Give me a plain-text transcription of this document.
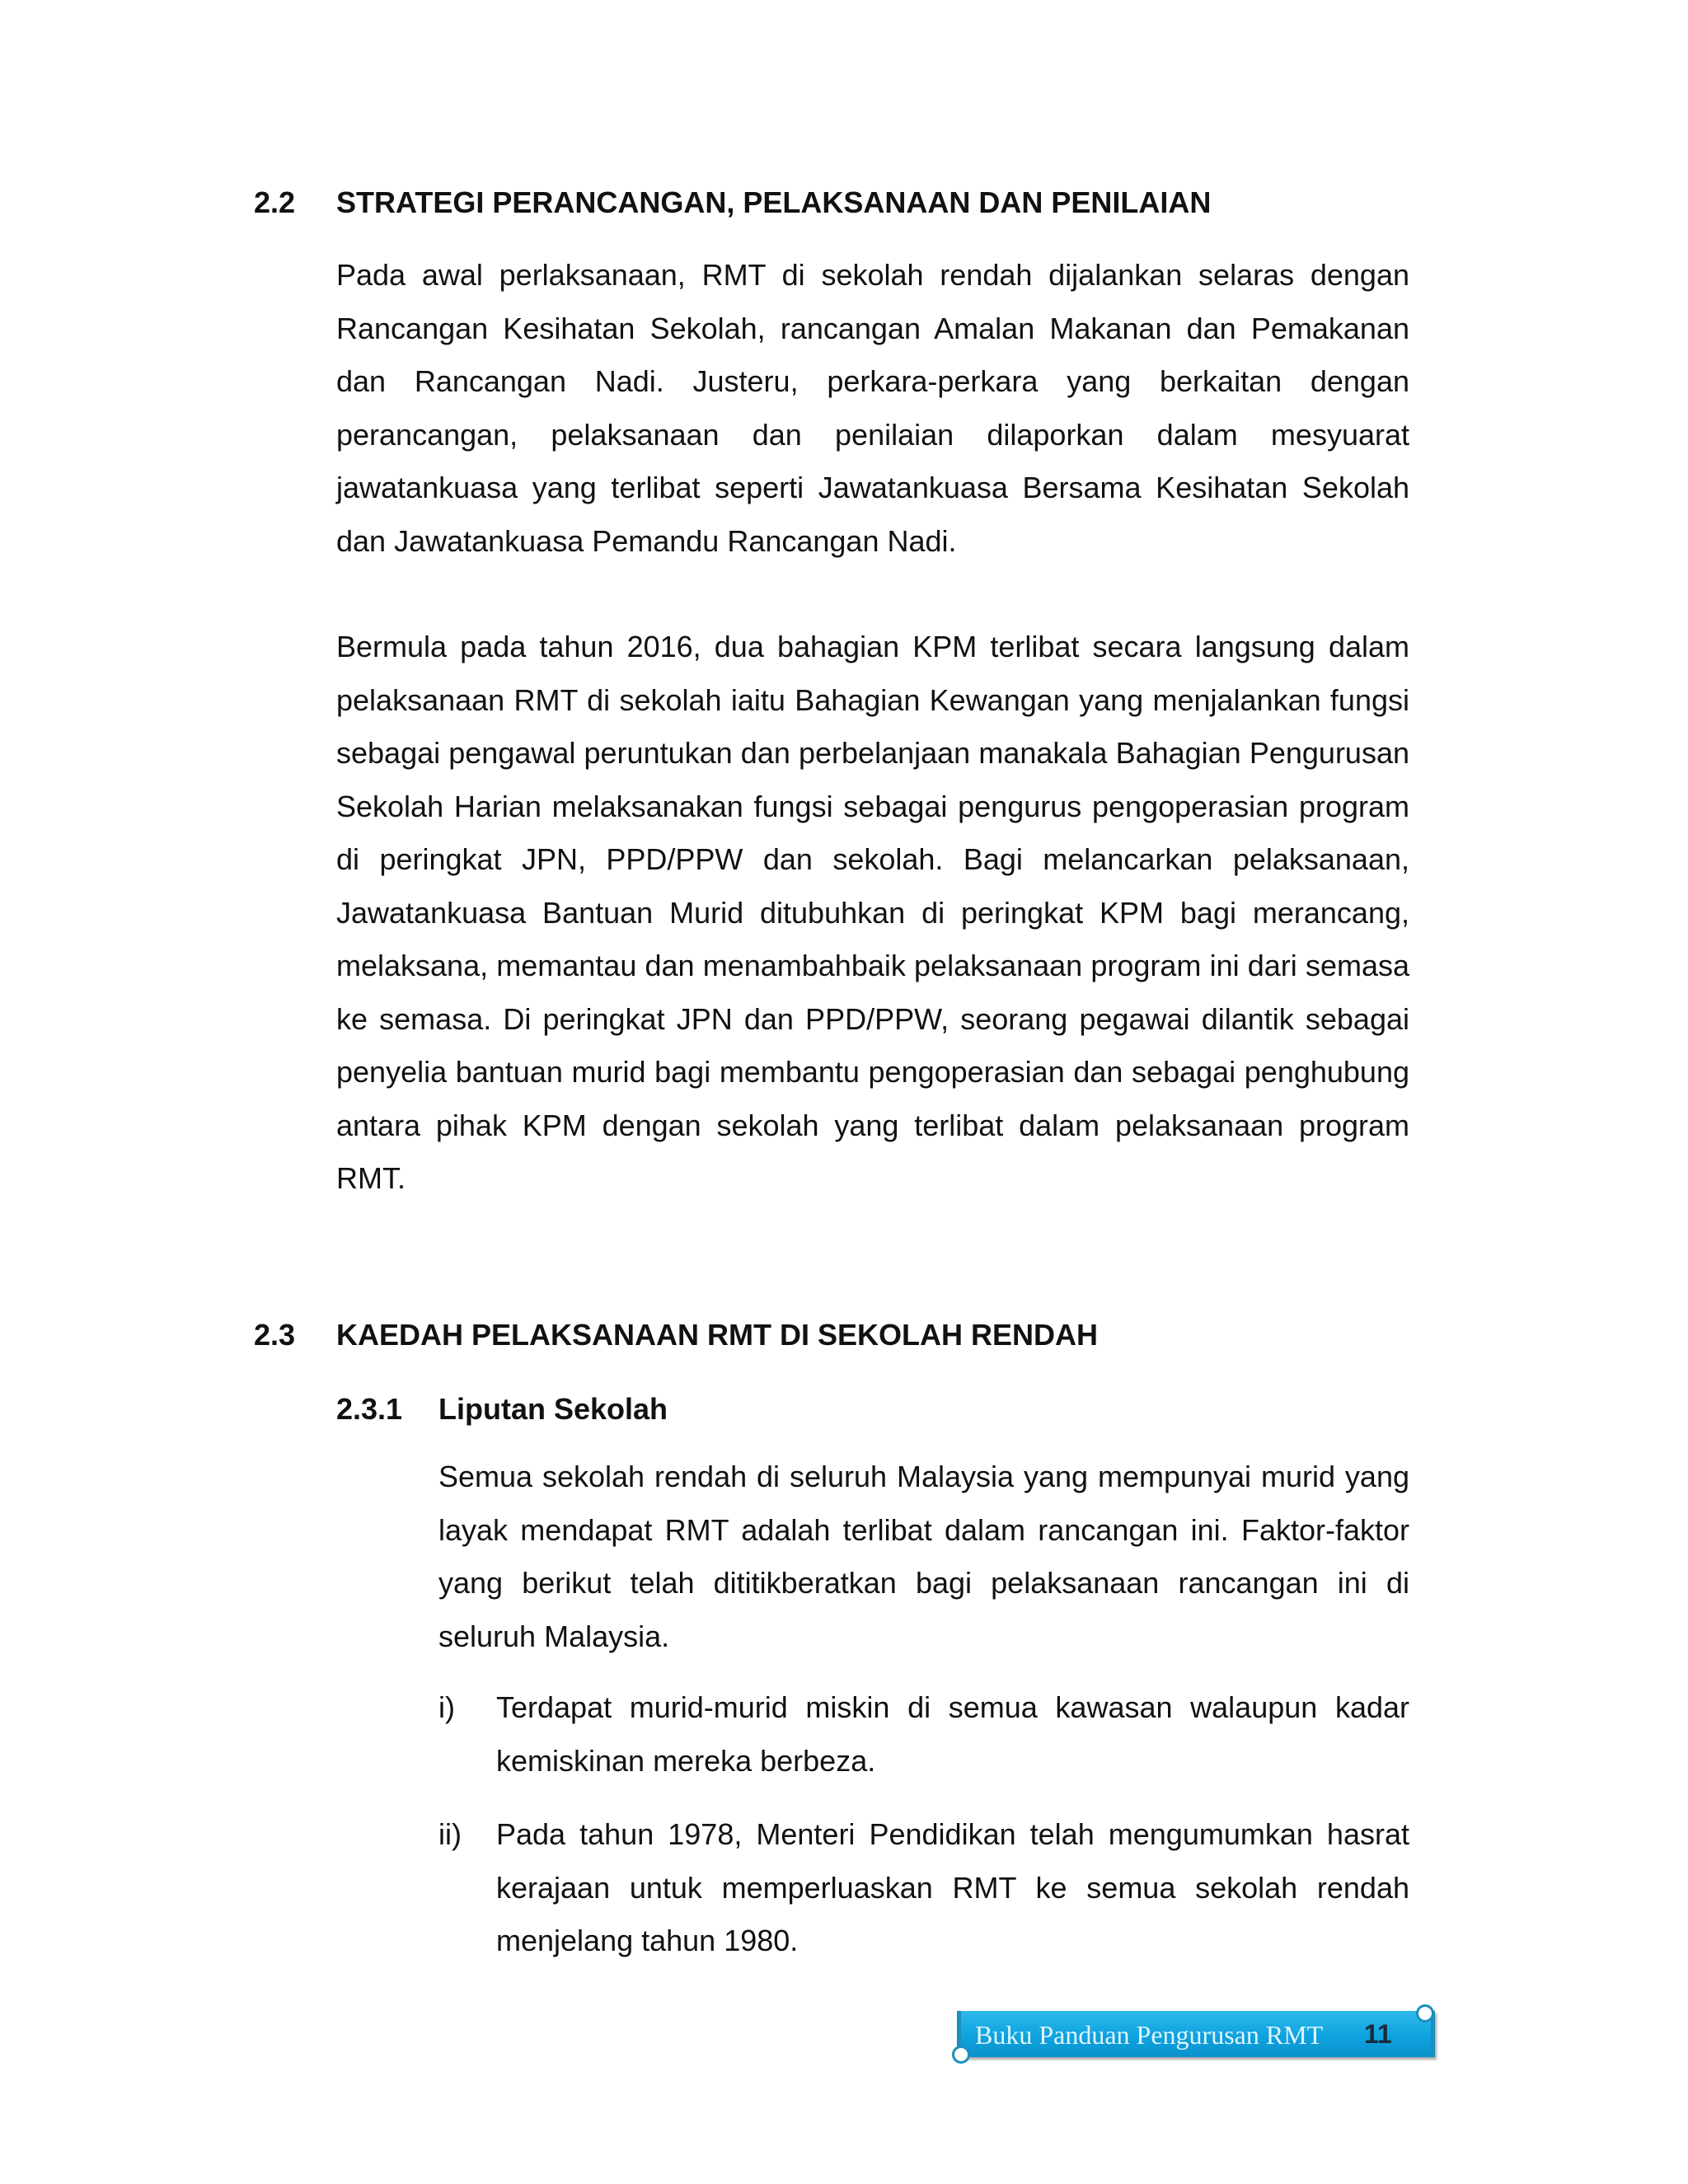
2.2 STRATEGI PERANCANGAN, PELAKSANAAN DAN PENILAIAN

Pada awal perlaksanaan, RMT di sekolah rendah dijalankan selaras dengan Rancangan Kesihatan Sekolah, rancangan Amalan Makanan dan Pemakanan dan Rancangan Nadi. Justeru, perkara-perkara yang berkaitan dengan perancangan, pelaksanaan dan penilaian dilaporkan dalam mesyuarat jawatankuasa yang terlibat seperti Jawatankuasa Bersama Kesihatan Sekolah dan Jawatankuasa Pemandu Rancangan Nadi.

Bermula pada tahun 2016, dua bahagian KPM terlibat secara langsung dalam pelaksanaan RMT di sekolah iaitu Bahagian Kewangan yang menjalankan fungsi sebagai pengawal peruntukan dan perbelanjaan manakala Bahagian Pengurusan Sekolah Harian melaksanakan fungsi sebagai pengurus pengoperasian program di peringkat JPN, PPD/PPW dan sekolah. Bagi melancarkan pelaksanaan, Jawatankuasa Bantuan Murid ditubuhkan di peringkat KPM bagi merancang, melaksana, memantau dan menambahbaik pelaksanaan program ini dari semasa ke semasa. Di peringkat JPN dan PPD/PPW, seorang pegawai dilantik sebagai penyelia bantuan murid bagi membantu pengoperasian dan sebagai penghubung antara pihak KPM dengan sekolah yang terlibat dalam pelaksanaan program RMT.

2.3 KAEDAH PELAKSANAAN RMT DI SEKOLAH RENDAH
2.3.1 Liputan Sekolah

Semua sekolah rendah di seluruh Malaysia yang mempunyai murid yang layak mendapat RMT adalah terlibat dalam rancangan ini. Faktor-faktor yang berikut telah dititikberatkan bagi pelaksanaan rancangan ini di seluruh Malaysia.

i) Terdapat murid-murid miskin di semua kawasan walaupun kadar kemiskinan mereka berbeza.
ii) Pada tahun 1978, Menteri Pendidikan telah mengumumkan hasrat kerajaan untuk memperluaskan RMT ke semua sekolah rendah menjelang tahun 1980.
Buku Panduan Pengurusan RMT 11
